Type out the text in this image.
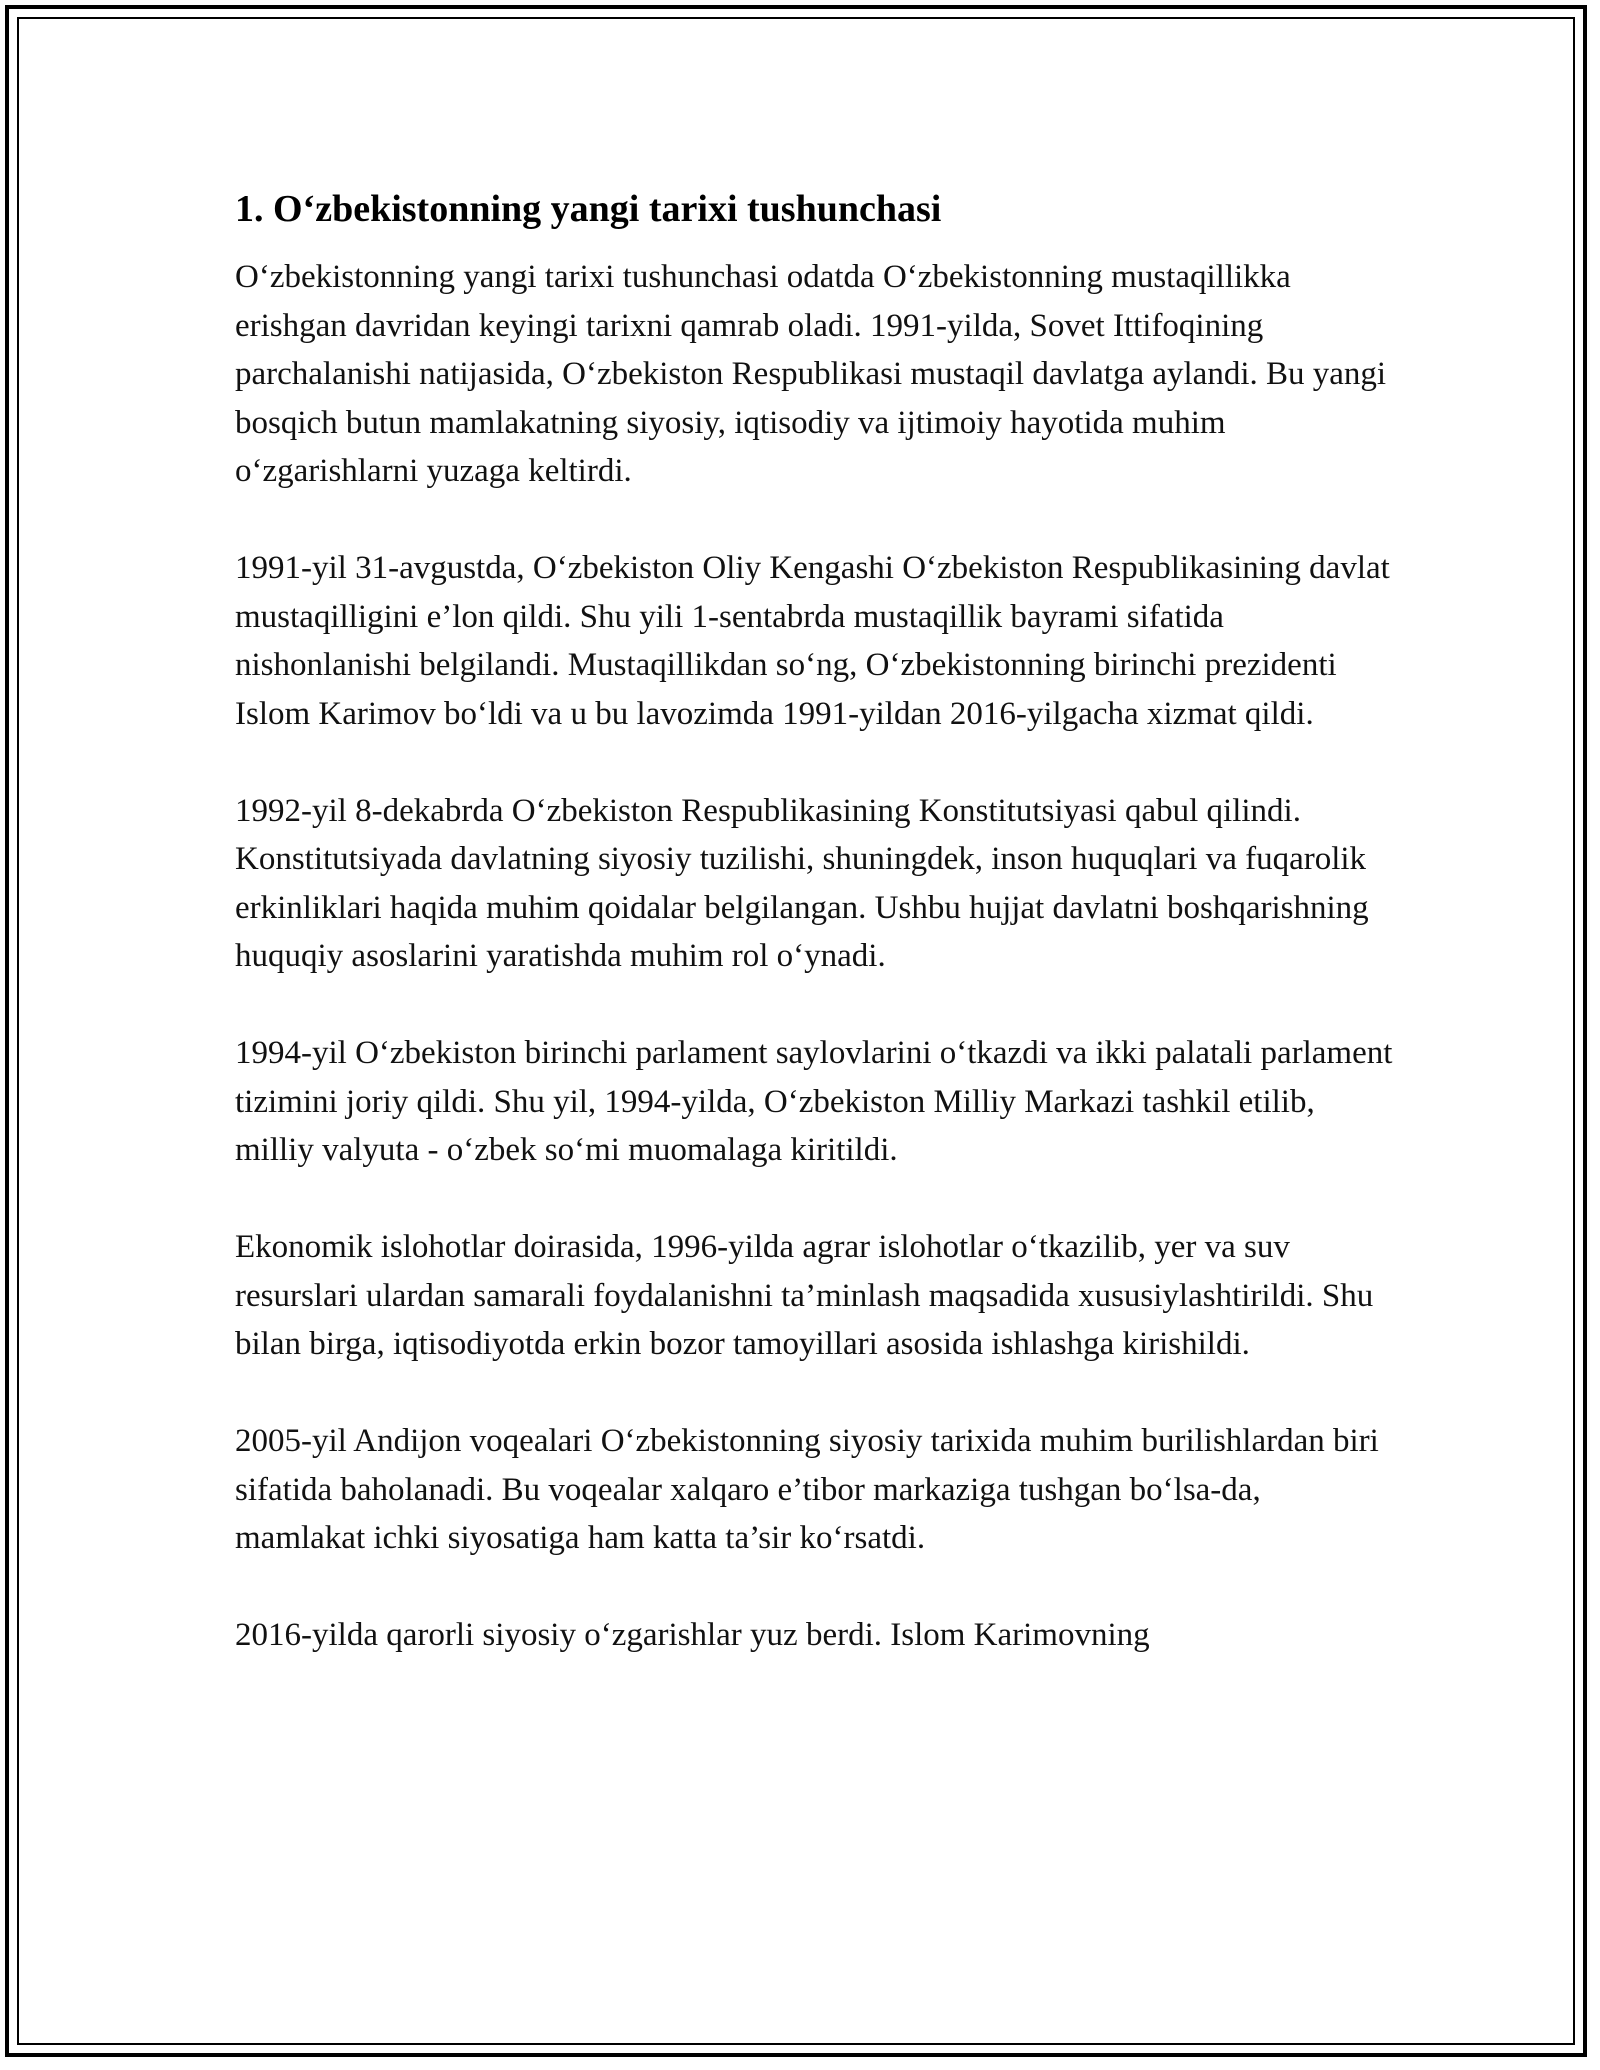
1. O‘zbekistonning yangi tarixi tushunchasi

O‘zbekistonning yangi tarixi tushunchasi odatda O‘zbekistonning mustaqillikka erishgan davridan keyingi tarixni qamrab oladi. 1991-yilda, Sovet Ittifoqining parchalanishi natijasida, O‘zbekiston Respublikasi mustaqil davlatga aylandi. Bu yangi bosqich butun mamlakatning siyosiy, iqtisodiy va ijtimoiy hayotida muhim o‘zgarishlarni yuzaga keltirdi.

1991-yil 31-avgustda, O‘zbekiston Oliy Kengashi O‘zbekiston Respublikasining davlat mustaqilligini e’lon qildi. Shu yili 1-sentabrda mustaqillik bayrami sifatida nishonlanishi belgilandi. Mustaqillikdan so‘ng, O‘zbekistonning birinchi prezidenti Islom Karimov bo‘ldi va u bu lavozimda 1991-yildan 2016-yilgacha xizmat qildi.

1992-yil 8-dekabrda O‘zbekiston Respublikasining Konstitutsiyasi qabul qilindi. Konstitutsiyada davlatning siyosiy tuzilishi, shuningdek, inson huquqlari va fuqarolik erkinliklari haqida muhim qoidalar belgilangan. Ushbu hujjat davlatni boshqarishning huquqiy asoslarini yaratishda muhim rol o‘ynadi.

1994-yil O‘zbekiston birinchi parlament saylovlarini o‘tkazdi va ikki palatali parlament tizimini joriy qildi. Shu yil, 1994-yilda, O‘zbekiston Milliy Markazi tashkil etilib, milliy valyuta - o‘zbek so‘mi muomalaga kiritildi.

Ekonomik islohotlar doirasida, 1996-yilda agrar islohotlar o‘tkazilib, yer va suv resurslari ulardan samarali foydalanishni ta’minlash maqsadida xususiylashtirildi. Shu bilan birga, iqtisodiyotda erkin bozor tamoyillari asosida ishlashga kirishildi.

2005-yil Andijon voqealari O‘zbekistonning siyosiy tarixida muhim burilishlardan biri sifatida baholanadi. Bu voqealar xalqaro e’tibor markaziga tushgan bo‘lsa-da, mamlakat ichki siyosatiga ham katta ta’sir ko‘rsatdi.

2016-yilda qarorli siyosiy o‘zgarishlar yuz berdi. Islom Karimovning
